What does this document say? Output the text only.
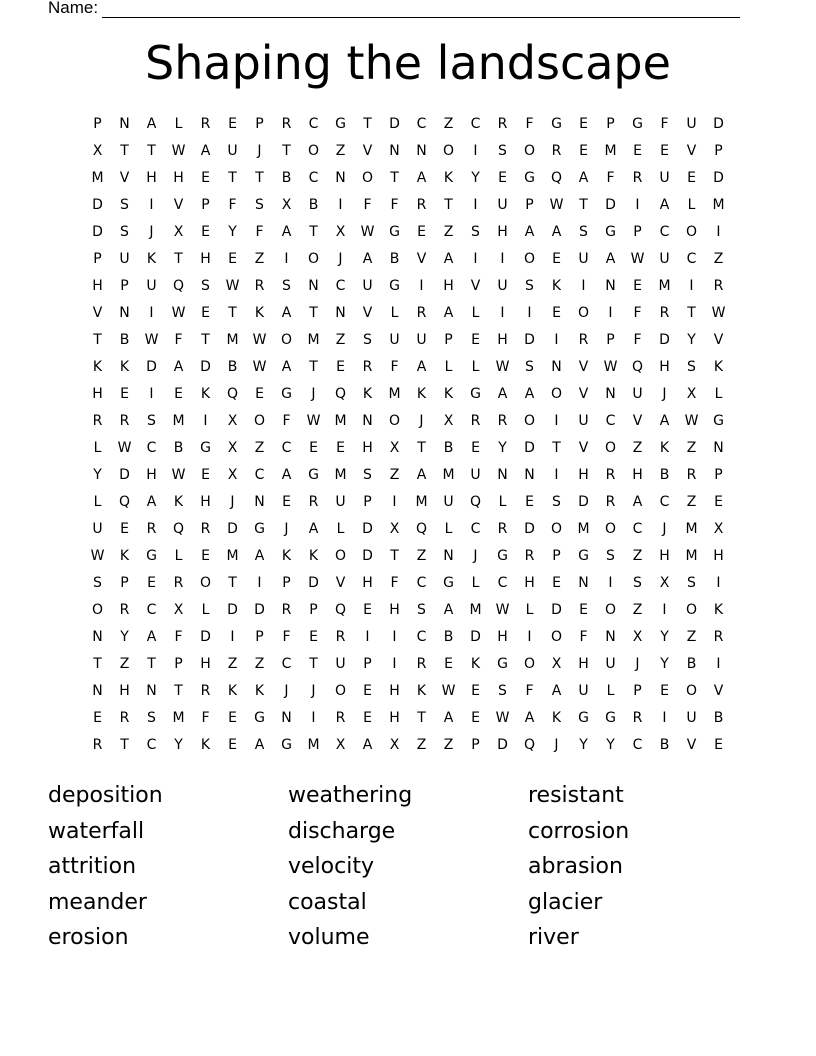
Name:
Shaping the landscape
P	N	A	L	R	E	P	R	C	G	T	D	C	Z	C	R	F	G	E	P	G	F	U	D
X	T	T	W	A	U	J	T	O	Z	V	N	N	O	I	S	O	R	E	M	E	E	V	P
M	V	H	H	E	T	T	B	C	N	O	T	A	K	Y	E	G	Q	A	F	R	U	E	D
D	S	I	V	P	F	S	X	B	I	F	F	R	T	I	U	P	W	T	D	I	A	L	M
D	S	J	X	E	Y	F	A	T	X	W	G	E	Z	S	H	A	A	S	G	P	C	O	I
P	U	K	T	H	E	Z	I	O	J	A	B	V	A	I	I	O	E	U	A	W	U	C	Z
H	P	U	Q	S	W	R	S	N	C	U	G	I	H	V	U	S	K	I	N	E	M	I	R
V	N	I	W	E	T	K	A	T	N	V	L	R	A	L	I	I	E	O	I	F	R	T	W
T	B	W	F	T	M	W	O	M	Z	S	U	U	P	E	H	D	I	R	P	F	D	Y	V
K	K	D	A	D	B	W	A	T	E	R	F	A	L	L	W	S	N	V	W	Q	H	S	K
H	E	I	E	K	Q	E	G	J	Q	K	M	K	K	G	A	A	O	V	N	U	J	X	L
R	R	S	M	I	X	O	F	W	M	N	O	J	X	R	R	O	I	U	C	V	A	W	G
L	W	C	B	G	X	Z	C	E	E	H	X	T	B	E	Y	D	T	V	O	Z	K	Z	N
Y	D	H	W	E	X	C	A	G	M	S	Z	A	M	U	N	N	I	H	R	H	B	R	P
L	Q	A	K	H	J	N	E	R	U	P	I	M	U	Q	L	E	S	D	R	A	C	Z	E
U	E	R	Q	R	D	G	J	A	L	D	X	Q	L	C	R	D	O	M	O	C	J	M	X
W	K	G	L	E	M	A	K	K	O	D	T	Z	N	J	G	R	P	G	S	Z	H	M	H
S	P	E	R	O	T	I	P	D	V	H	F	C	G	L	C	H	E	N	I	S	X	S	I
O	R	C	X	L	D	D	R	P	Q	E	H	S	A	M	W	L	D	E	O	Z	I	O	K
N	Y	A	F	D	I	P	F	E	R	I	I	C	B	D	H	I	O	F	N	X	Y	Z	R
T	Z	T	P	H	Z	Z	C	T	U	P	I	R	E	K	G	O	X	H	U	J	Y	B	I
N	H	N	T	R	K	K	J	J	O	E	H	K	W	E	S	F	A	U	L	P	E	O	V
E	R	S	M	F	E	G	N	I	R	E	H	T	A	E	W	A	K	G	G	R	I	U	B
R	T	C	Y	K	E	A	G	M	X	A	X	Z	Z	P	D	Q	J	Y	Y	C	B	V	E
deposition	weathering	resistant
waterfall	discharge	corrosion
attrition	velocity	abrasion
meander	coastal	glacier
erosion	volume	river
